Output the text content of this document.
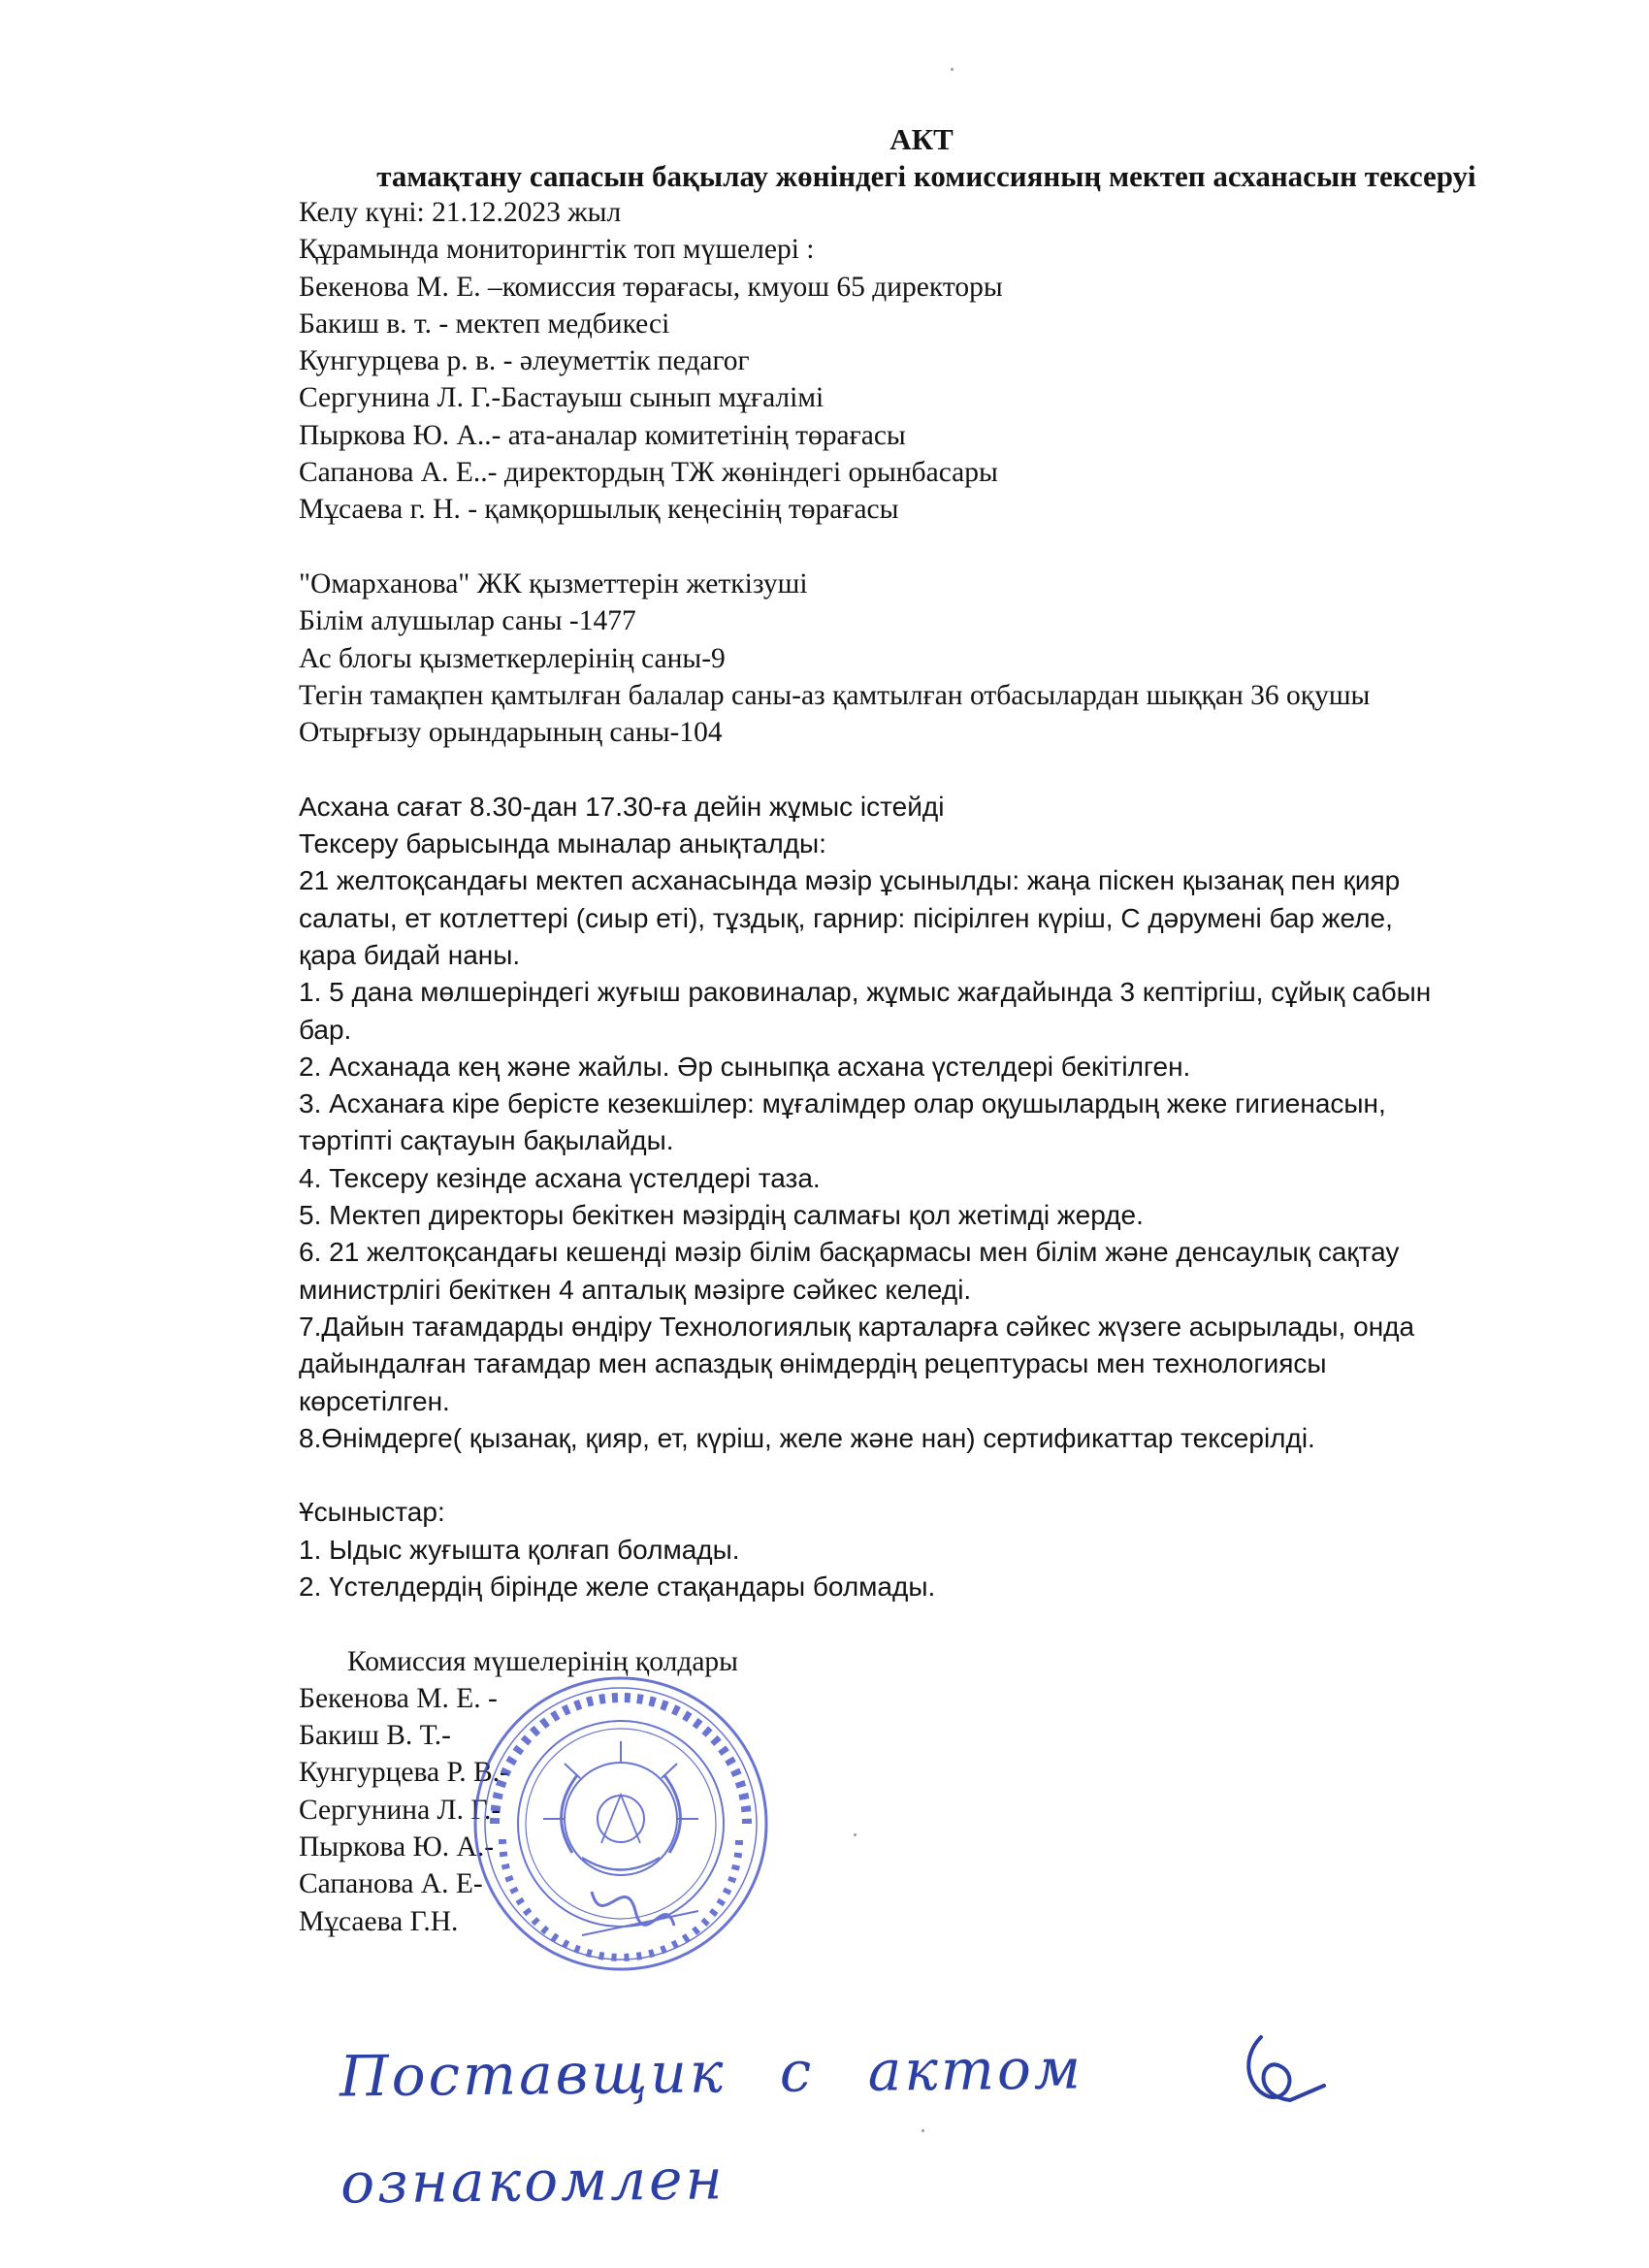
АКТ
тамақтану сапасын бақылау жөніндегі комиссияның мектеп асханасын тексеруі
Келу күні: 21.12.2023 жыл
Құрамында мониторингтік топ мүшелері :
Бекенова М. Е. –комиссия төрағасы, кмуош 65 директоры
Бакиш в. т. - мектеп медбикесі
Кунгурцева р. в. - әлеуметтік педагог
Сергунина Л. Г.-Бастауыш сынып мұғалімі
Пыркова Ю. А..- ата-аналар комитетінің төрағасы
Сапанова А. Е..- директордың ТЖ жөніндегі орынбасары
Мұсаева г. Н. - қамқоршылық кеңесінің төрағасы
"Омарханова" ЖК қызметтерін жеткізуші
Білім алушылар саны -1477
Ас блогы қызметкерлерінің саны-9
Тегін тамақпен қамтылған балалар саны-аз қамтылған отбасылардан шыққан 36 оқушы
Отырғызу орындарының саны-104
Асхана сағат 8.30-дан 17.30-ға дейін жұмыс істейді
Тексеру барысында мыналар анықталды:
21 желтоқсандағы мектеп асханасында мәзір ұсынылды: жаңа піскен қызанақ пен қияр
салаты, ет котлеттері (сиыр еті), тұздық, гарнир: пісірілген күріш, С дәрумені бар желе,
қара бидай наны.
1. 5 дана мөлшеріндегі жуғыш раковиналар, жұмыс жағдайында 3 кептіргіш, сұйық сабын
бар.
2. Асханада кең және жайлы. Әр сыныпқа асхана үстелдері бекітілген.
3. Асханаға кіре берісте кезекшілер: мұғалімдер олар оқушылардың жеке гигиенасын,
тәртіпті сақтауын бақылайды.
4. Тексеру кезінде асхана үстелдері таза.
5. Мектеп директоры бекіткен мәзірдің салмағы қол жетімді жерде.
6. 21 желтоқсандағы кешенді мәзір білім басқармасы мен білім және денсаулық сақтау
министрлігі бекіткен 4 апталық мәзірге сәйкес келеді.
7.Дайын тағамдарды өндіру Технологиялық карталарға сәйкес жүзеге асырылады, онда
дайындалған тағамдар мен аспаздық өнімдердің рецептурасы мен технологиясы
көрсетілген.
8.Өнімдерге( қызанақ, қияр, ет, күріш, желе және нан) сертификаттар тексерілді.
Ұсыныстар:
1. Ыдыс жуғышта қолғап болмады.
2. Үстелдердің бірінде желе стақандары болмады.
Комиссия мүшелерінің қолдары
Бекенова М. Е. -
Бакиш В. Т.-
Кунгурцева Р. В.-
Сергунина Л. Г.-
Пыркова Ю. А.-
Сапанова А. Е-
Мұсаева Г.Н.
Поставщик с актом ознакомлен
